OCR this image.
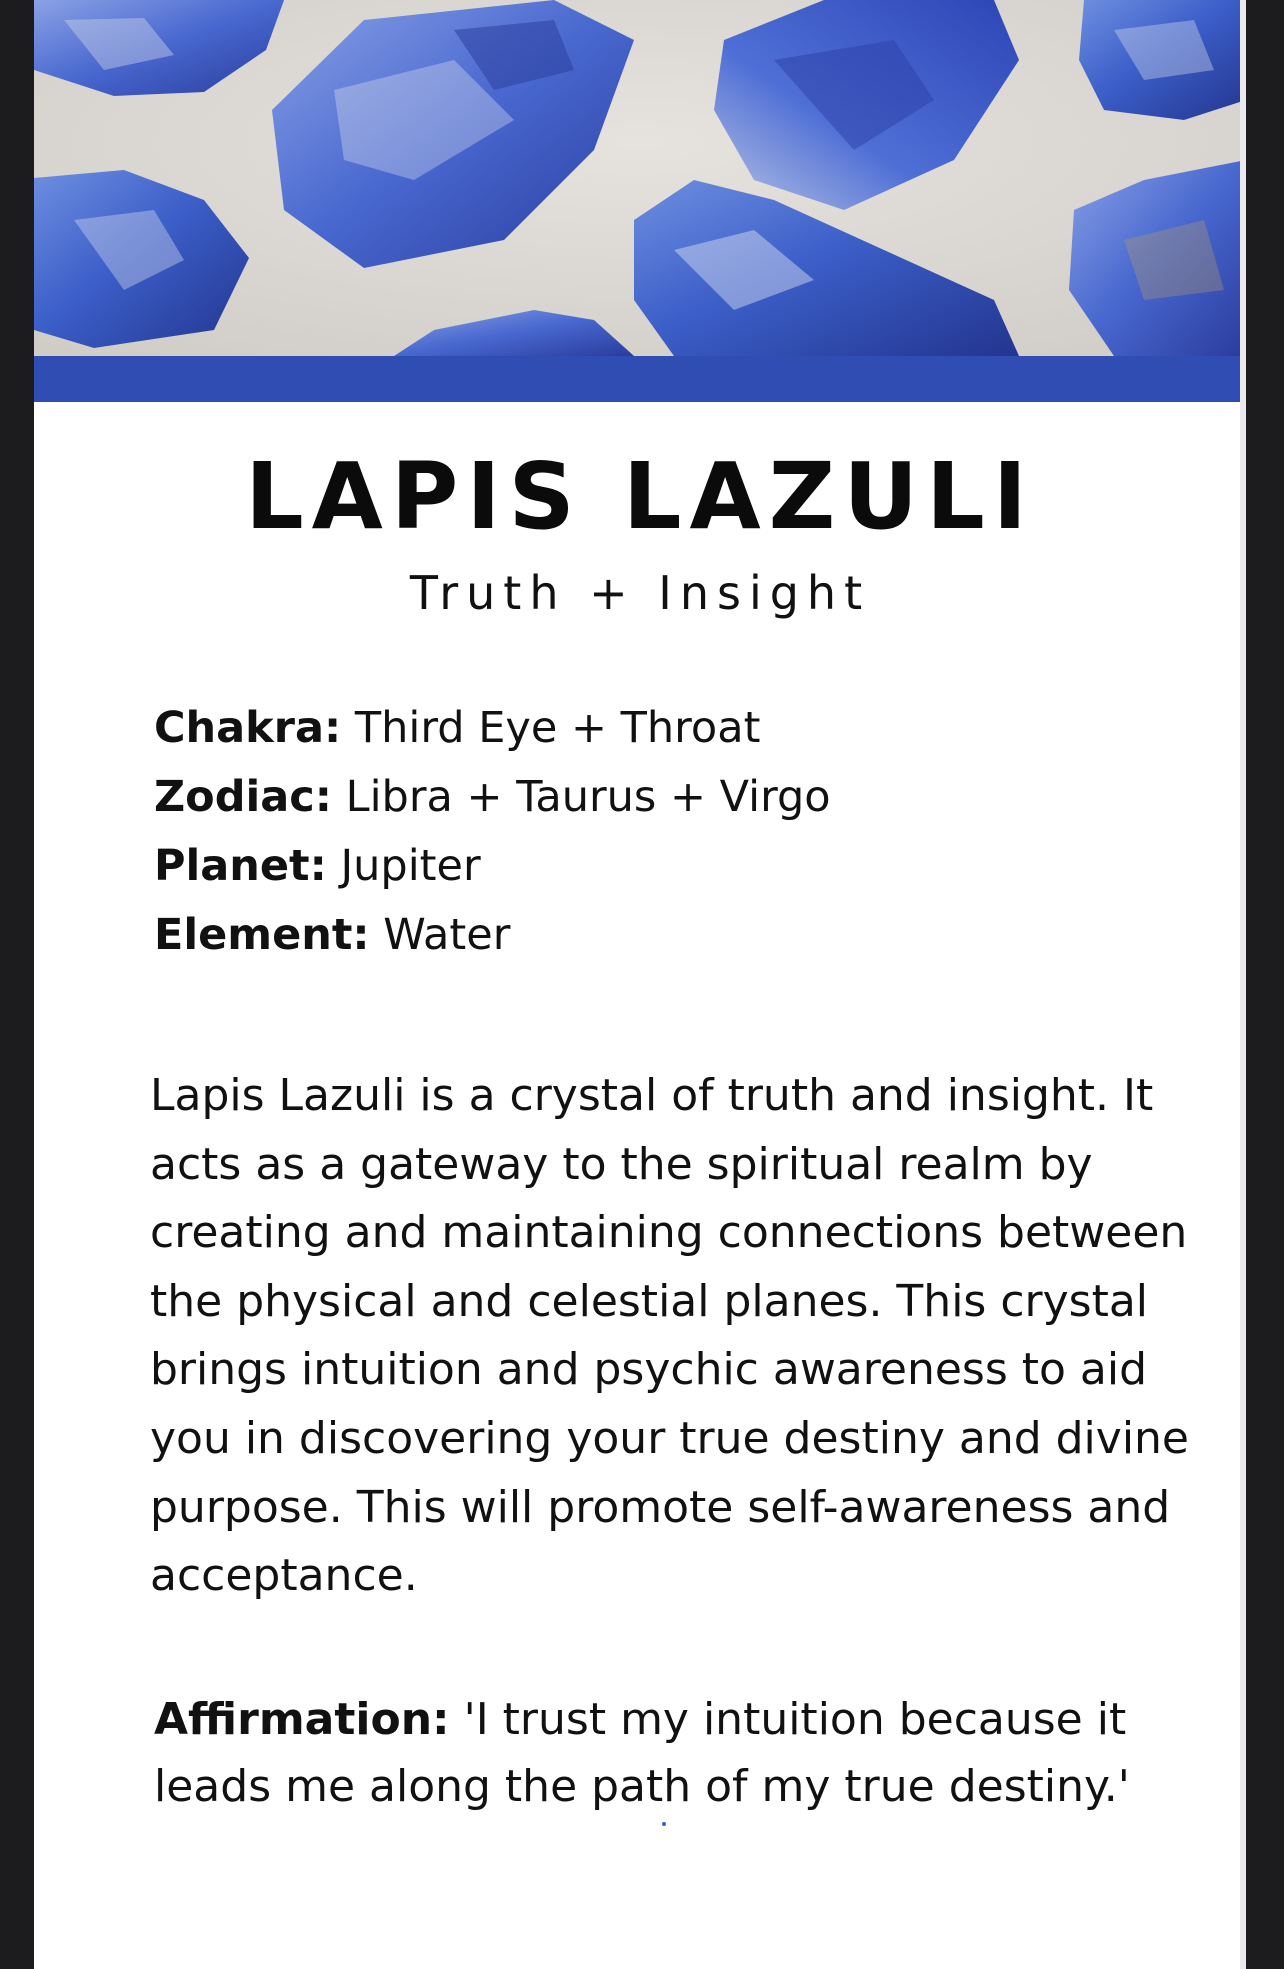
LAPIS LAZULI
Truth + Insight
Chakra: Third Eye + Throat
Zodiac: Libra + Taurus + Virgo
Planet: Jupiter
Element: Water
Lapis Lazuli is a crystal of truth and insight. It acts as a gateway to the spiritual realm by creating and maintaining connections between the physical and celestial planes. This crystal brings intuition and psychic awareness to aid you in discovering your true destiny and divine purpose. This will promote self-awareness and acceptance.
Affirmation: 'I trust my intuition because it leads me along the path of my true destiny.'
